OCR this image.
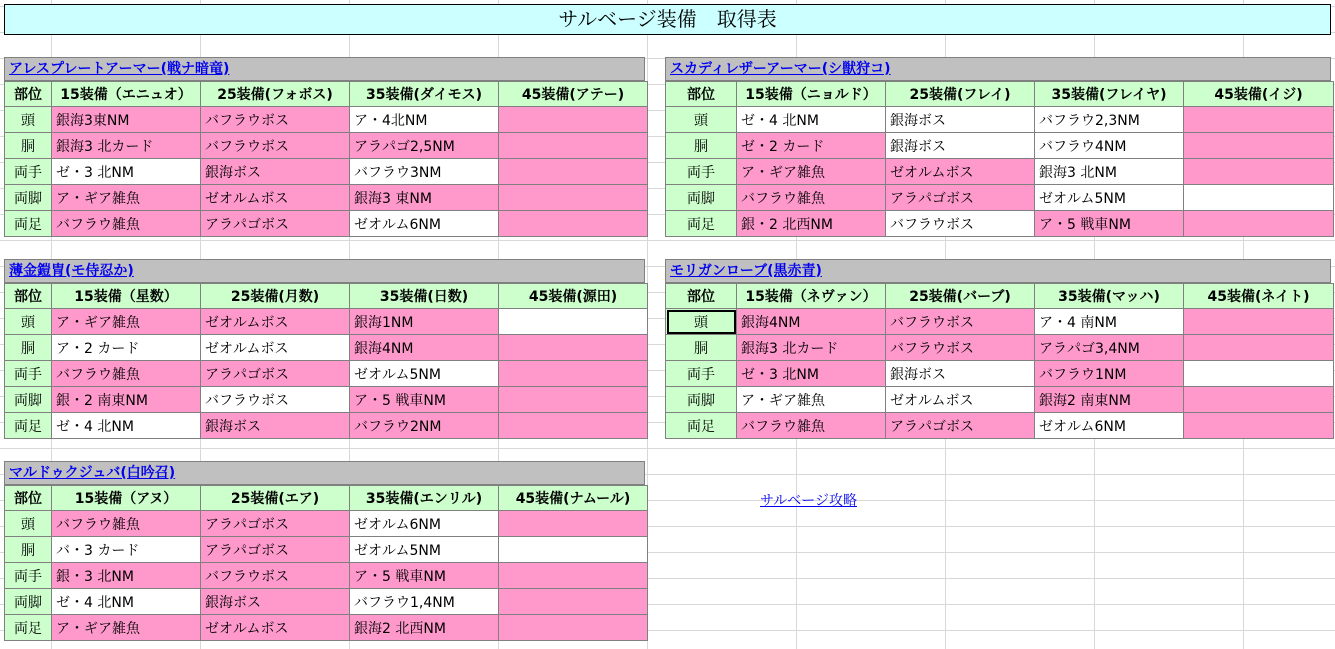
サルベージ装備　取得表
アレスプレートアーマー(戦ナ暗竜)
部位	15装備（エニュオ）	25装備(フォボス)	35装備(ダイモス)	45装備(アテー)
頭	銀海3東NM	バフラウボス	ア・4北NM	
胴	銀海3 北カード	バフラウボス	アラパゴ2,5NM	
両手	ゼ・3 北NM	銀海ボス	バフラウ3NM	
両脚	ア・ギア雑魚	ゼオルムボス	銀海3 東NM	
両足	バフラウ雑魚	アラパゴボス	ゼオルム6NM	
スカディレザーアーマー(シ獣狩コ)
部位	15装備（ニョルド）	25装備(フレイ)	35装備(フレイヤ)	45装備(イジ)
頭	ゼ・4 北NM	銀海ボス	バフラウ2,3NM	
胴	ゼ・2 カード	銀海ボス	バフラウ4NM	
両手	ア・ギア雑魚	ゼオルムボス	銀海3 北NM	
両脚	バフラウ雑魚	アラパゴボス	ゼオルム5NM	
両足	銀・2 北西NM	バフラウボス	ア・5 戦車NM	
薄金鎧冑(モ侍忍か)
部位	15装備（星数）	25装備(月数)	35装備(日数)	45装備(源田)
頭	ア・ギア雑魚	ゼオルムボス	銀海1NM	
胴	ア・2 カード	ゼオルムボス	銀海4NM	
両手	バフラウ雑魚	アラパゴボス	ゼオルム5NM	
両脚	銀・2 南東NM	バフラウボス	ア・5 戦車NM	
両足	ゼ・4 北NM	銀海ボス	バフラウ2NM	
モリガンローブ(黒赤青)
部位	15装備（ネヴァン）	25装備(バーブ)	35装備(マッハ)	45装備(ネイト)
頭	銀海4NM	バフラウボス	ア・4 南NM	
胴	銀海3 北カード	バフラウボス	アラパゴ3,4NM	
両手	ゼ・3 北NM	銀海ボス	バフラウ1NM	
両脚	ア・ギア雑魚	ゼオルムボス	銀海2 南東NM	
両足	バフラウ雑魚	アラパゴボス	ゼオルム6NM	
マルドゥクジュバ(白吟召)
部位	15装備（アヌ）	25装備(エア)	35装備(エンリル)	45装備(ナムール)
頭	バフラウ雑魚	アラパゴボス	ゼオルム6NM	
胴	バ・3 カード	アラパゴボス	ゼオルム5NM	
両手	銀・3 北NM	バフラウボス	ア・5 戦車NM	
両脚	ゼ・4 北NM	銀海ボス	バフラウ1,4NM	
両足	ア・ギア雑魚	ゼオルムボス	銀海2 北西NM	
サルベージ攻略
